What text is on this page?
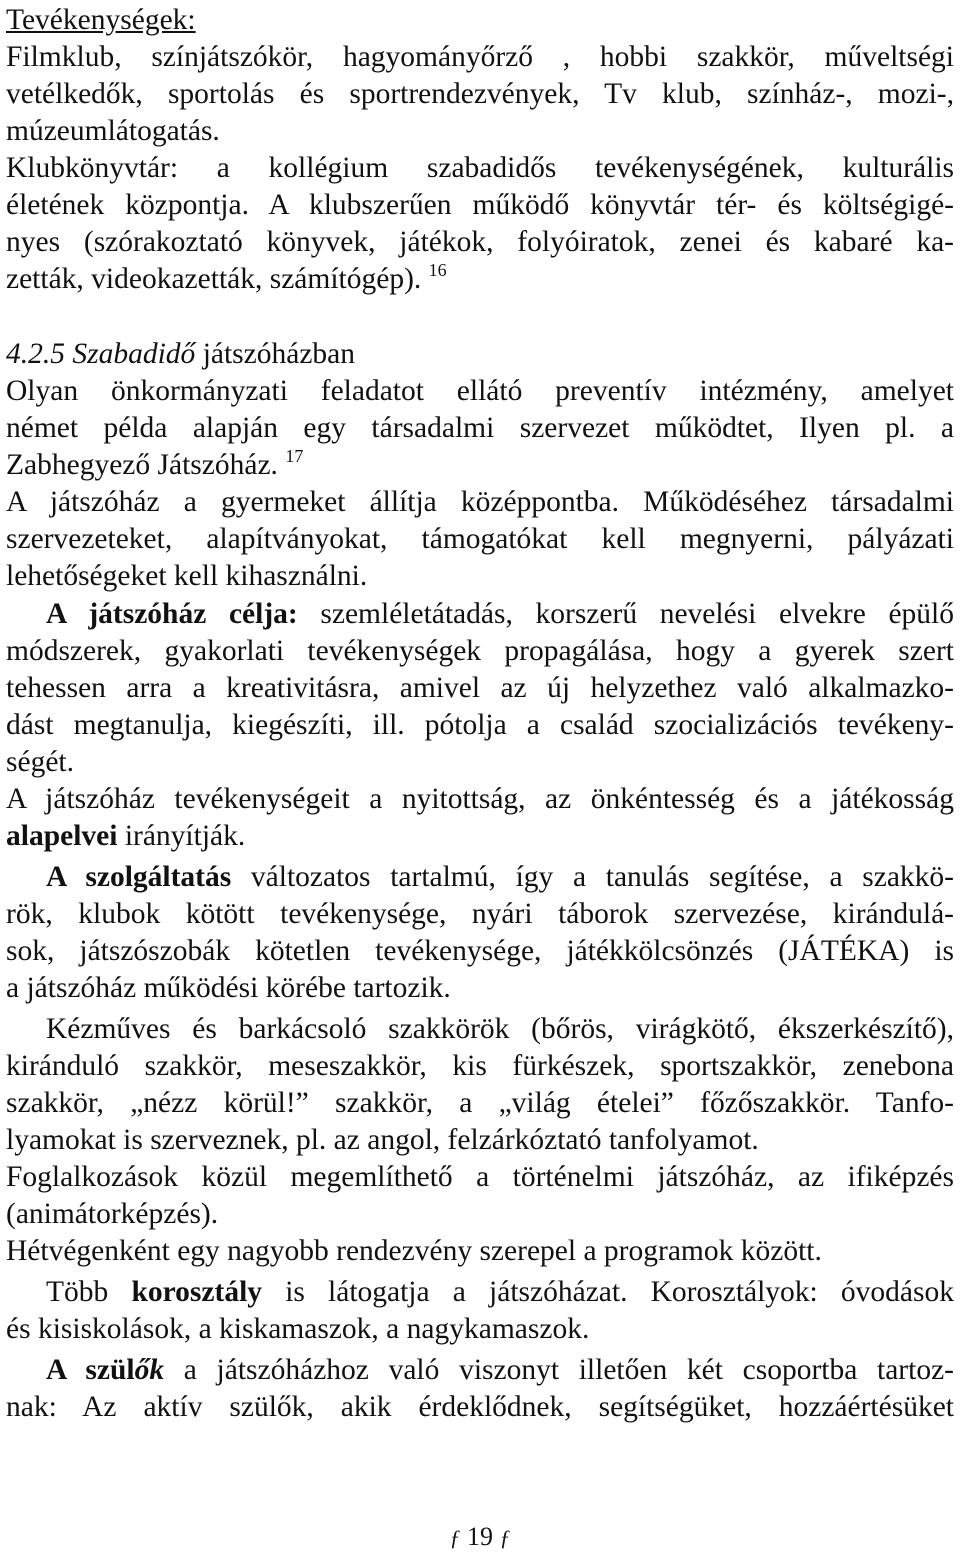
Tevékenységek:
Filmklub, színjátszókör, hagyományőrző , hobbi szakkör, műveltségi
vetélkedők, sportolás és sportrendezvények, Tv klub, színház-, mozi-,
múzeumlátogatás.
Klubkönyvtár: a kollégium szabadidős tevékenységének, kulturális
életének központja. A klubszerűen működő könyvtár tér- és költségigé-
nyes (szórakoztató könyvek, játékok, folyóiratok, zenei és kabaré ka-
zetták, videokazetták, számítógép). $^{16}$
4.2.5 Szabadidő játszóházban
Olyan önkormányzati feladatot ellátó preventív intézmény, amelyet
német példa alapján egy társadalmi szervezet működtet, Ilyen pl. a
Zabhegyező Játszóház. $^{17}$
A játszóház a gyermeket állítja középpontba. Működéséhez társadalmi
szervezeteket, alapítványokat, támogatókat kell megnyerni, pályázati
lehetőségeket kell kihasználni.
A játszóház célja: szemléletátadás, korszerű nevelési elvekre épülő
módszerek, gyakorlati tevékenységek propagálása, hogy a gyerek szert
tehessen arra a kreativitásra, amivel az új helyzethez való alkalmazko-
dást megtanulja, kiegészíti, ill. pótolja a család szocializációs tevékeny-
ségét.
A játszóház tevékenységeit a nyitottság, az önkéntesség és a játékosság
alapelvei irányítják.
A szolgáltatás változatos tartalmú, így a tanulás segítése, a szakkö-
rök, klubok kötött tevékenysége, nyári táborok szervezése, kirándulá-
sok, játszószobák kötetlen tevékenysége, játékkölcsönzés (JÁTÉKA) is
a játszóház működési körébe tartozik.
Kézműves és barkácsoló szakkörök (bőrös, virágkötő, ékszerkészítő),
kiránduló szakkör, meseszakkör, kis fürkészek, sportszakkör, zenebona
szakkör, „nézz körül!” szakkör, a „világ ételei” főzőszakkör. Tanfo-
lyamokat is szerveznek, pl. az angol, felzárkóztató tanfolyamot.
Foglalkozások közül megemlíthető a történelmi játszóház, az ifiképzés
(animátorképzés).
Hétvégenként egy nagyobb rendezvény szerepel a programok között.
Több korosztály is látogatja a játszóházat. Korosztályok: óvodások
és kisiskolások, a kiskamaszok, a nagykamaszok.
A szülők a játszóházhoz való viszonyt illetően két csoportba tartoz-
nak: Az aktív szülők, akik érdeklődnek, segítségüket, hozzáértésüket
ƒ 19 ƒ
